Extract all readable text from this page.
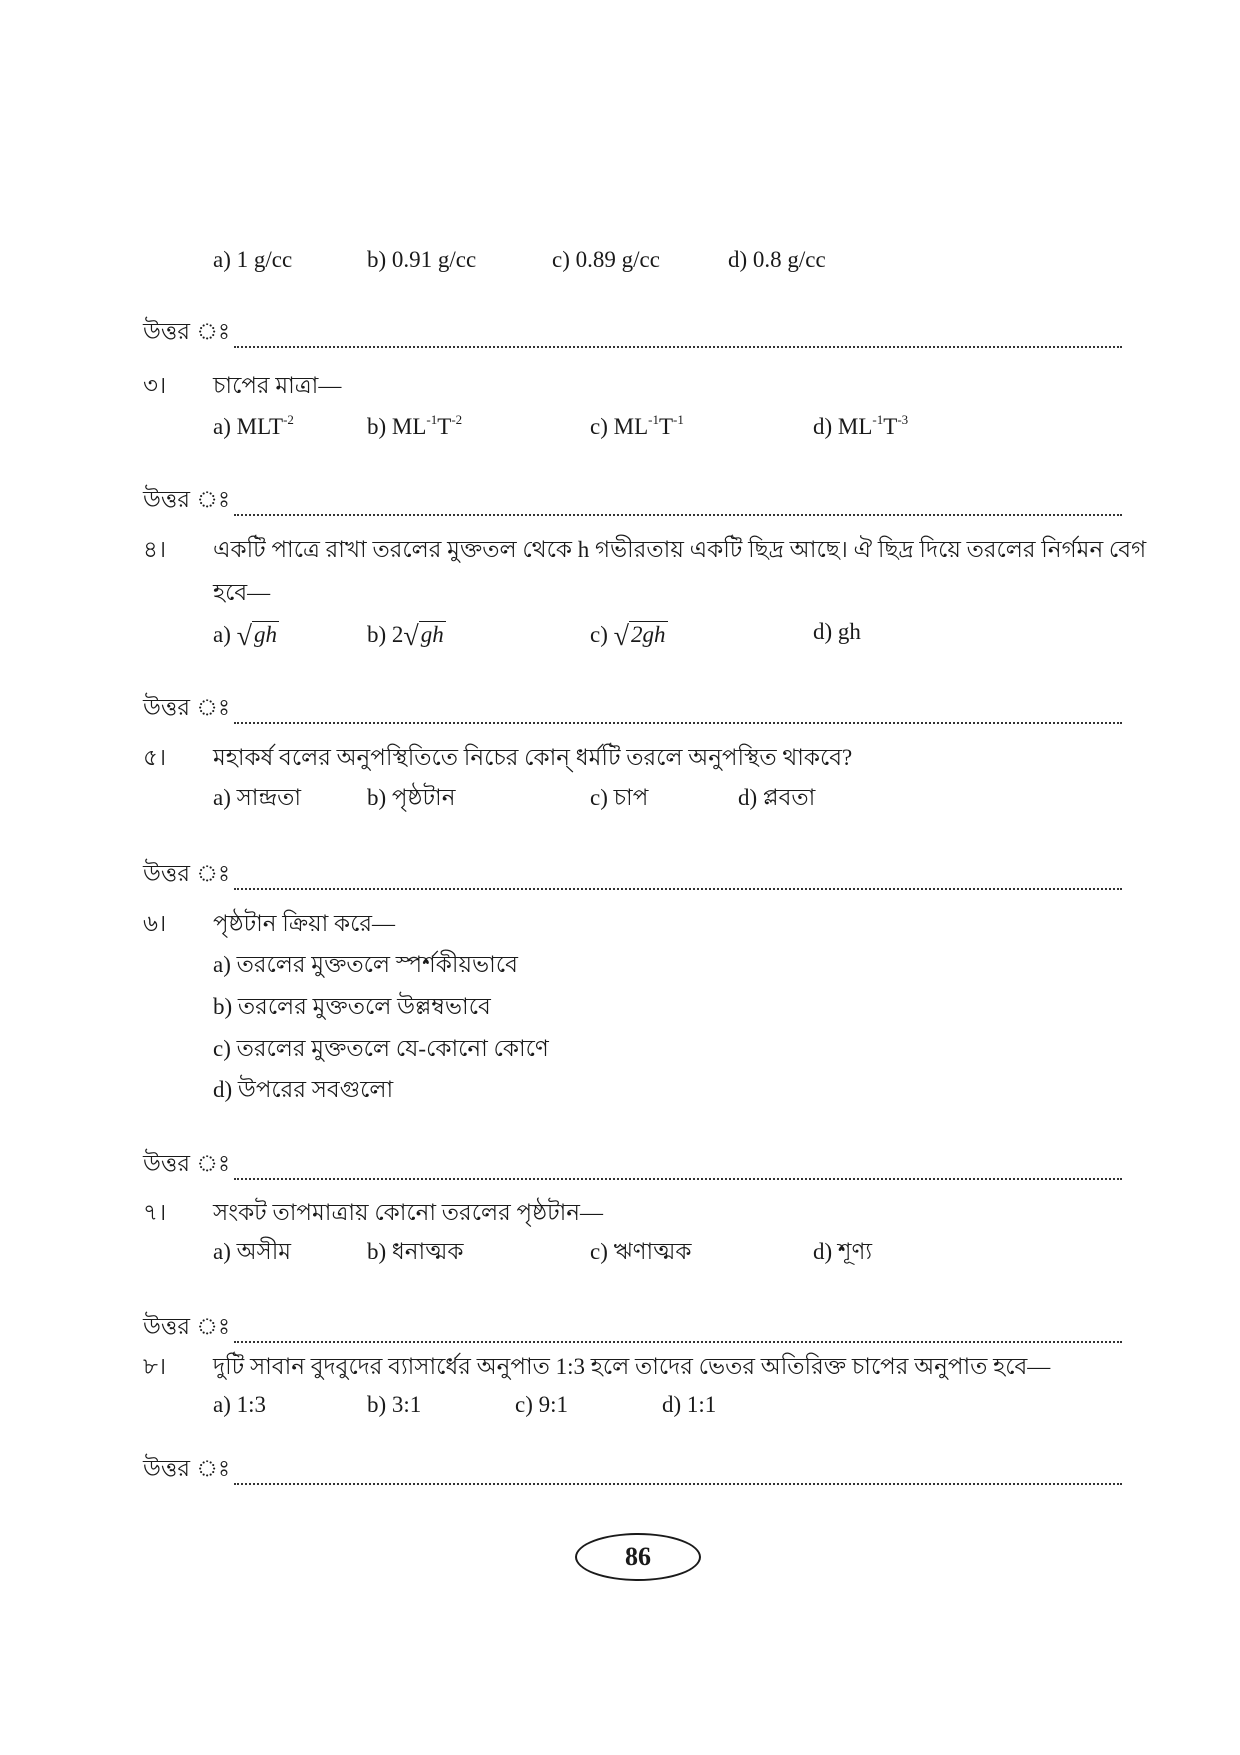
a) 1 g/cc	b) 0.91 g/cc	c) 0.89 g/cc	d) 0.8 g/cc
উত্তর ঃ
৩। চাপের মাত্রা—
a) $MLT^{-2}$	b) $ML^{-1}T^{-2}$	c) $ML^{-1}T^{-1}$	d) $ML^{-1}T^{-3}$
উত্তর ঃ
৪। একটি পাত্রে রাখা তরলের মুক্ততল থেকে h গভীরতায় একটি ছিদ্র আছে। ঐ ছিদ্র দিয়ে তরলের নির্গমন বেগ
হবে—
a) √gh	b) 2√gh	c) √2gh	d) gh
উত্তর ঃ
৫। মহাকর্ষ বলের অনুপস্থিতিতে নিচের কোন্ ধর্মটি তরলে অনুপস্থিত থাকবে?
a) সান্দ্রতা	b) পৃষ্ঠটান	c) চাপ	d) প্লবতা
উত্তর ঃ
৬। পৃষ্ঠটান ক্রিয়া করে—
a) তরলের মুক্ততলে স্পর্শকীয়ভাবে
b) তরলের মুক্ততলে উল্লম্বভাবে
c) তরলের মুক্ততলে যে-কোনো কোণে
d) উপরের সবগুলো
উত্তর ঃ
৭। সংকট তাপমাত্রায় কোনো তরলের পৃষ্ঠটান—
a) অসীম	b) ধনাত্মক	c) ঋণাত্মক	d) শূণ্য
উত্তর ঃ
৮। দুটি সাবান বুদবুদের ব্যাসার্ধের অনুপাত 1:3 হলে তাদের ভেতর অতিরিক্ত চাপের অনুপাত হবে—
a) 1:3	b) 3:1	c) 9:1	d) 1:1
উত্তর ঃ
86
